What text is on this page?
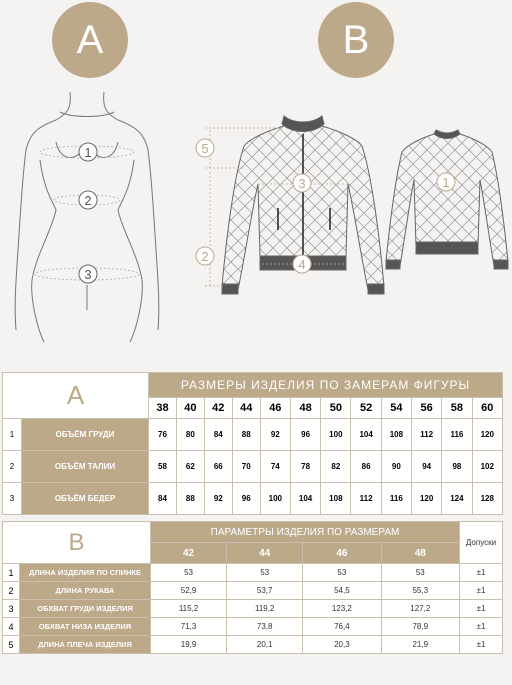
A	B
1
2
3
5
2
3
4
1
A		РАЗМЕРЫ ИЗДЕЛИЯ ПО ЗАМЕРАМ ФИГУРЫ											
		38	40	42	44	46	48	50	52	54	56	58	60
1	ОБЪЁМ ГРУДИ	76	80	84	88	92	96	100	104	108	112	116	120
2	ОБЪЁМ ТАЛИИ	58	62	66	70	74	78	82	86	90	94	98	102
3	ОБЪЁМ БЕДЕР	84	88	92	96	100	104	108	112	116	120	124	128
B		ПАРАМЕТРЫ ИЗДЕЛИЯ ПО РАЗМЕРАМ				Допуски
		42	44	46	48	
1	ДЛИНА ИЗДЕЛИЯ ПО СПИНКЕ	53	53	53	53	±1
2	ДЛИНА РУКАВА	52,9	53,7	54,5	55,3	±1
3	ОБХВАТ ГРУДИ ИЗДЕЛИЯ	115,2	119,2	123,2	127,2	±1
4	ОБХВАТ НИЗА ИЗДЕЛИЯ	71,3	73,8	76,4	78,9	±1
5	ДЛИНА ПЛЕЧА ИЗДЕЛИЯ	19,9	20,1	20,3	21,9	±1
